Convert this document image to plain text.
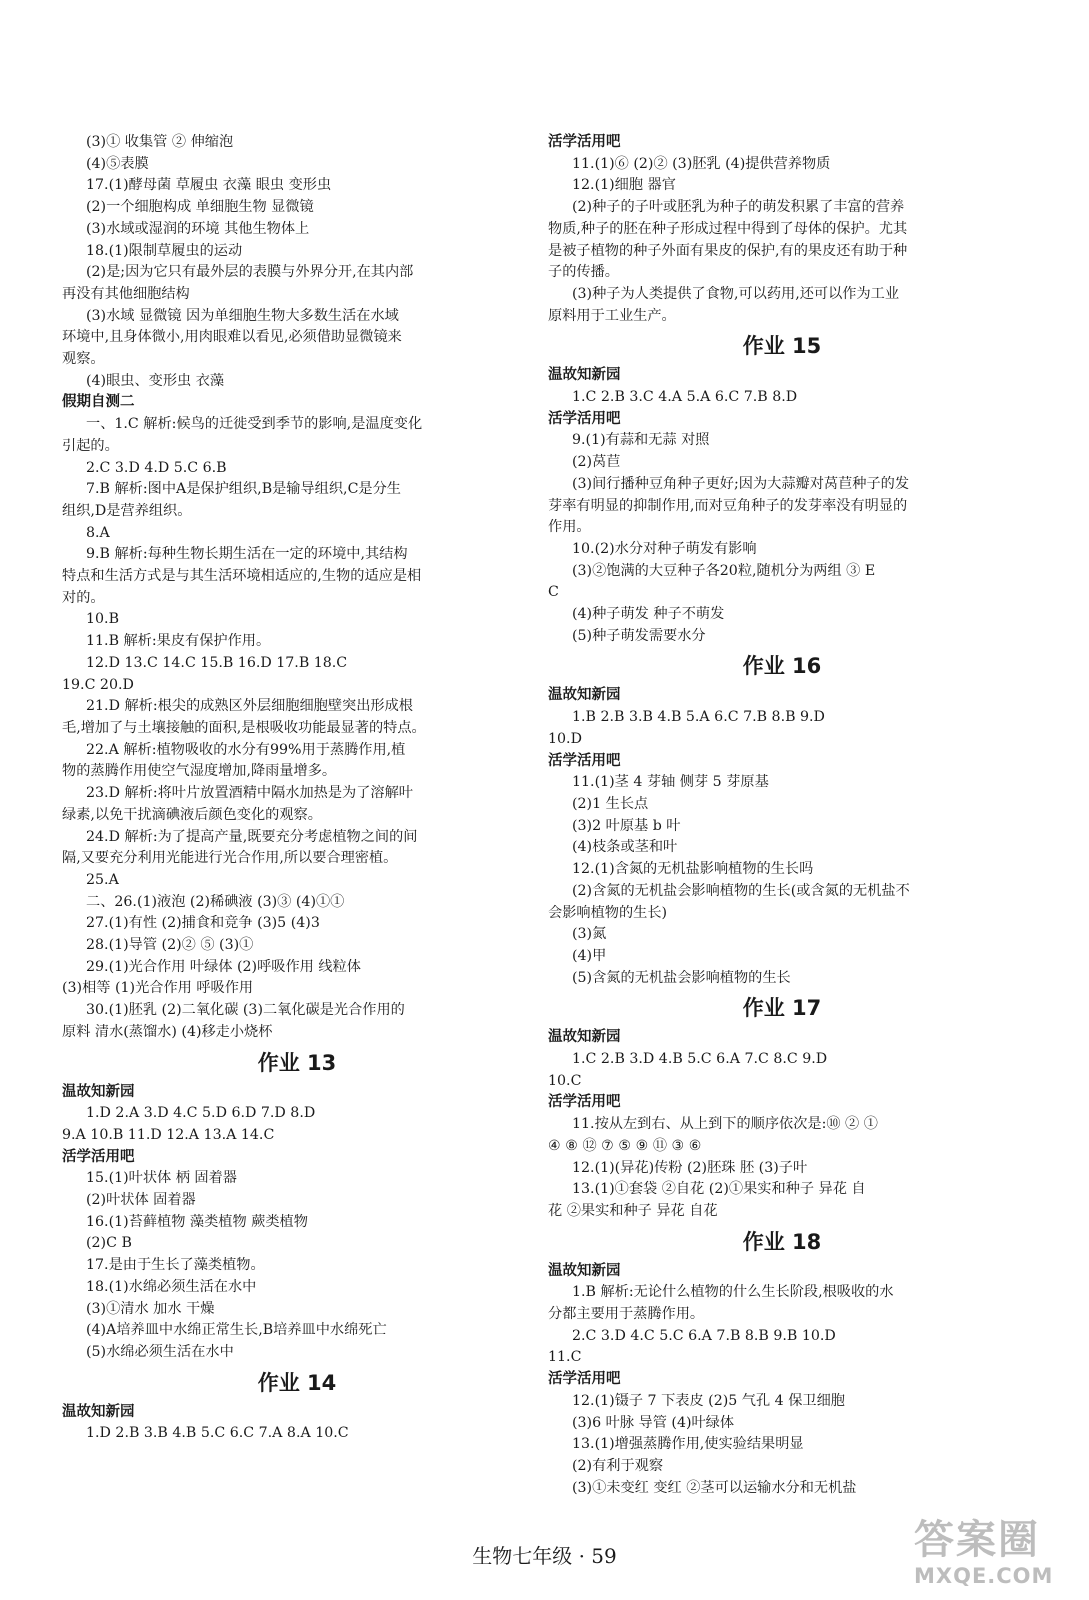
(3)① 收集管 ② 伸缩泡
(4)⑤表膜
17.(1)酵母菌 草履虫 衣藻 眼虫 变形虫
(2)一个细胞构成 单细胞生物 显微镜
(3)水域或湿润的环境 其他生物体上
18.(1)限制草履虫的运动
(2)是;因为它只有最外层的表膜与外界分开,在其内部
再没有其他细胞结构
(3)水域 显微镜 因为单细胞生物大多数生活在水域
环境中,且身体微小,用肉眼难以看见,必须借助显微镜来
观察。
(4)眼虫、变形虫 衣藻
假期自测二
一、1.C 解析:候鸟的迁徙受到季节的影响,是温度变化
引起的。
2.C 3.D 4.D 5.C 6.B
7.B 解析:图中A是保护组织,B是输导组织,C是分生
组织,D是营养组织。
8.A
9.B 解析:每种生物长期生活在一定的环境中,其结构
特点和生活方式是与其生活环境相适应的,生物的适应是相
对的。
10.B
11.B 解析:果皮有保护作用。
12.D 13.C 14.C 15.B 16.D 17.B 18.C
19.C 20.D
21.D 解析:根尖的成熟区外层细胞细胞壁突出形成根
毛,增加了与土壤接触的面积,是根吸收功能最显著的特点。
22.A 解析:植物吸收的水分有99%用于蒸腾作用,植
物的蒸腾作用使空气湿度增加,降雨量增多。
23.D 解析:将叶片放置酒精中隔水加热是为了溶解叶
绿素,以免干扰滴碘液后颜色变化的观察。
24.D 解析:为了提高产量,既要充分考虑植物之间的间
隔,又要充分利用光能进行光合作用,所以要合理密植。
25.A
二、26.(1)液泡 (2)稀碘液 (3)③ (4)①①
27.(1)有性 (2)捕食和竞争 (3)5 (4)3
28.(1)导管 (2)② ⑤ (3)①
29.(1)光合作用 叶绿体 (2)呼吸作用 线粒体
(3)相等 (1)光合作用 呼吸作用
30.(1)胚乳 (2)二氧化碳 (3)二氧化碳是光合作用的
原料 清水(蒸馏水) (4)移走小烧杯
作业 13
温故知新园
1.D 2.A 3.D 4.C 5.D 6.D 7.D 8.D
9.A 10.B 11.D 12.A 13.A 14.C
活学活用吧
15.(1)叶状体 柄 固着器
(2)叶状体 固着器
16.(1)苔藓植物 藻类植物 蕨类植物
(2)C B
17.是由于生长了藻类植物。
18.(1)水绵必须生活在水中
(3)①清水 加水 干燥
(4)A培养皿中水绵正常生长,B培养皿中水绵死亡
(5)水绵必须生活在水中
作业 14
温故知新园
1.D 2.B 3.B 4.B 5.C 6.C 7.A 8.A 10.C
活学活用吧
11.(1)⑥ (2)② (3)胚乳 (4)提供营养物质
12.(1)细胞 器官
(2)种子的子叶或胚乳为种子的萌发积累了丰富的营养
物质,种子的胚在种子形成过程中得到了母体的保护。尤其
是被子植物的种子外面有果皮的保护,有的果皮还有助于种
子的传播。
(3)种子为人类提供了食物,可以药用,还可以作为工业
原料用于工业生产。
作业 15
温故知新园
1.C 2.B 3.C 4.A 5.A 6.C 7.B 8.D
活学活用吧
9.(1)有蒜和无蒜 对照
(2)莴苣
(3)间行播种豆角种子更好;因为大蒜瓣对莴苣种子的发
芽率有明显的抑制作用,而对豆角种子的发芽率没有明显的
作用。
10.(2)水分对种子萌发有影响
(3)②饱满的大豆种子各20粒,随机分为两组 ③ E
C
(4)种子萌发 种子不萌发
(5)种子萌发需要水分
作业 16
温故知新园
1.B 2.B 3.B 4.B 5.A 6.C 7.B 8.B 9.D
10.D
活学活用吧
11.(1)茎 4 芽轴 侧芽 5 芽原基
(2)1 生长点
(3)2 叶原基 b 叶
(4)枝条或茎和叶
12.(1)含氮的无机盐影响植物的生长吗
(2)含氮的无机盐会影响植物的生长(或含氮的无机盐不
会影响植物的生长)
(3)氮
(4)甲
(5)含氮的无机盐会影响植物的生长
作业 17
温故知新园
1.C 2.B 3.D 4.B 5.C 6.A 7.C 8.C 9.D
10.C
活学活用吧
11.按从左到右、从上到下的顺序依次是:⑩ ② ①
④ ⑧ ⑫ ⑦ ⑤ ⑨ ⑪ ③ ⑥
12.(1)(异花)传粉 (2)胚珠 胚 (3)子叶
13.(1)①套袋 ②自花 (2)①果实和种子 异花 自
花 ②果实和种子 异花 自花
作业 18
温故知新园
1.B 解析:无论什么植物的什么生长阶段,根吸收的水
分都主要用于蒸腾作用。
2.C 3.D 4.C 5.C 6.A 7.B 8.B 9.B 10.D
11.C
活学活用吧
12.(1)镊子 7 下表皮 (2)5 气孔 4 保卫细胞
(3)6 叶脉 导管 (4)叶绿体
13.(1)增强蒸腾作用,使实验结果明显
(2)有利于观察
(3)①未变红 变红 ②茎可以运输水分和无机盐
生物七年级 · 59	答案圈
MXQE.COM
